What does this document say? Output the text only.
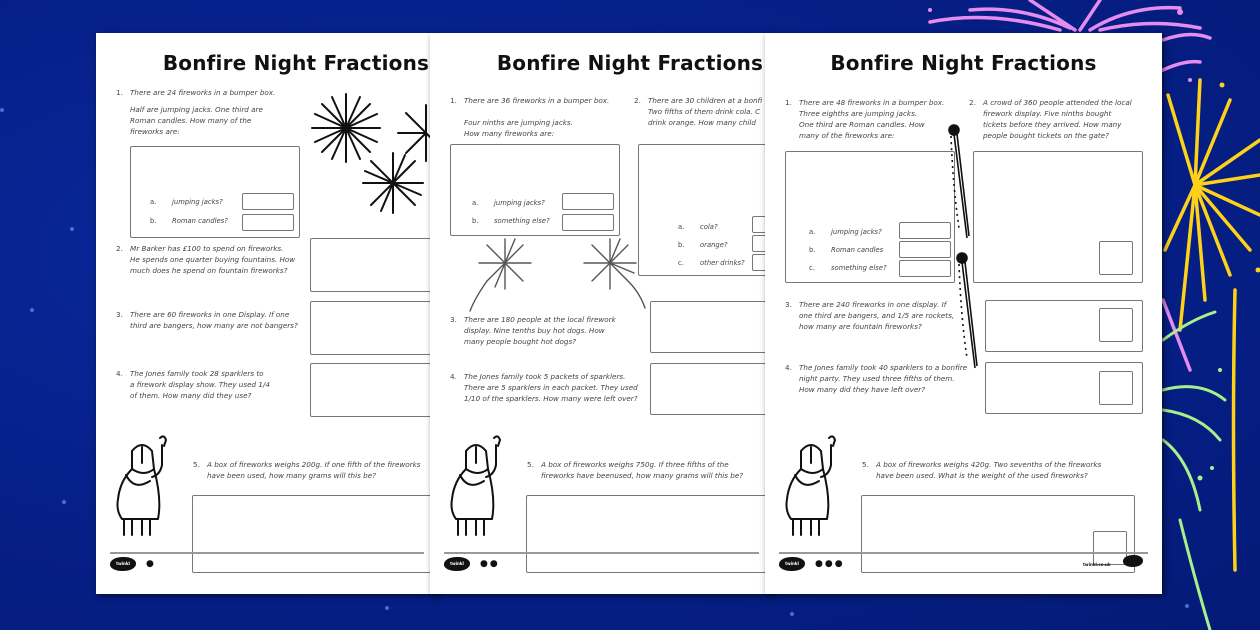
Bonfire Night Fractions
1. There are 24 fireworks in a bumper box.
Half are jumping jacks. One third are
Roman candles. How many of the
fireworks are:
a. jumping jacks?
b. Roman candles?
2. Mr Barker has £100 to spend on fireworks.
He spends one quarter buying fountains. How
much does he spend on fountain fireworks?
3. There are 60 fireworks in one Display. If one
third are bangers, how many are not bangers?
4. The Jones family took 28 sparklers to
a firework display show. They used 1/4
of them. How many did they use?
5. A box of fireworks weighs 200g. If one fifth of the fireworks
have been used, how many grams will this be?
twinkl	●
Bonfire Night Fractions
1. There are 36 fireworks in a bumper box.
Four ninths are jumping jacks.
How many fireworks are:
a. jumping jacks?
b. something else?
2. There are 30 children at a bonfi
Two fifths of them drink cola. C
drink orange. How many child
a. cola?
b. orange?
c. other drinks?
3. There are 180 people at the local firework
display. Nine tenths buy hot dogs. How
many people bought hot dogs?
4. The Jones family took 5 packets of sparklers.
There are 5 sparklers in each packet. They used
1/10 of the sparklers. How many were left over?
5. A box of fireworks weighs 750g. If three fifths of the
fireworks have beenused, how many grams will this be?
twinkl	●●
Bonfire Night Fractions
1. There are 48 fireworks in a bumper box.
Three eighths are jumping jacks.
One third are Roman candles. How
many of the fireworks are:
a. jumping jacks?
b. Roman candles
c. something else?
2. A crowd of 360 people attended the local
firework display. Five ninths bought
tickets before they arrived. How many
people bought tickets on the gate?
3. There are 240 fireworks in one display. If
one third are bangers, and 1/5 are rockets,
how many are fountain fireworks?
4. The Jones family took 40 sparklers to a bonfire
night party. They used three fifths of them.
How many did they have left over?
5. A box of fireworks weighs 420g. Two sevenths of the fireworks
have been used. What is the weight of the used fireworks?
twinkl	●●●	twinkl.co.uk
